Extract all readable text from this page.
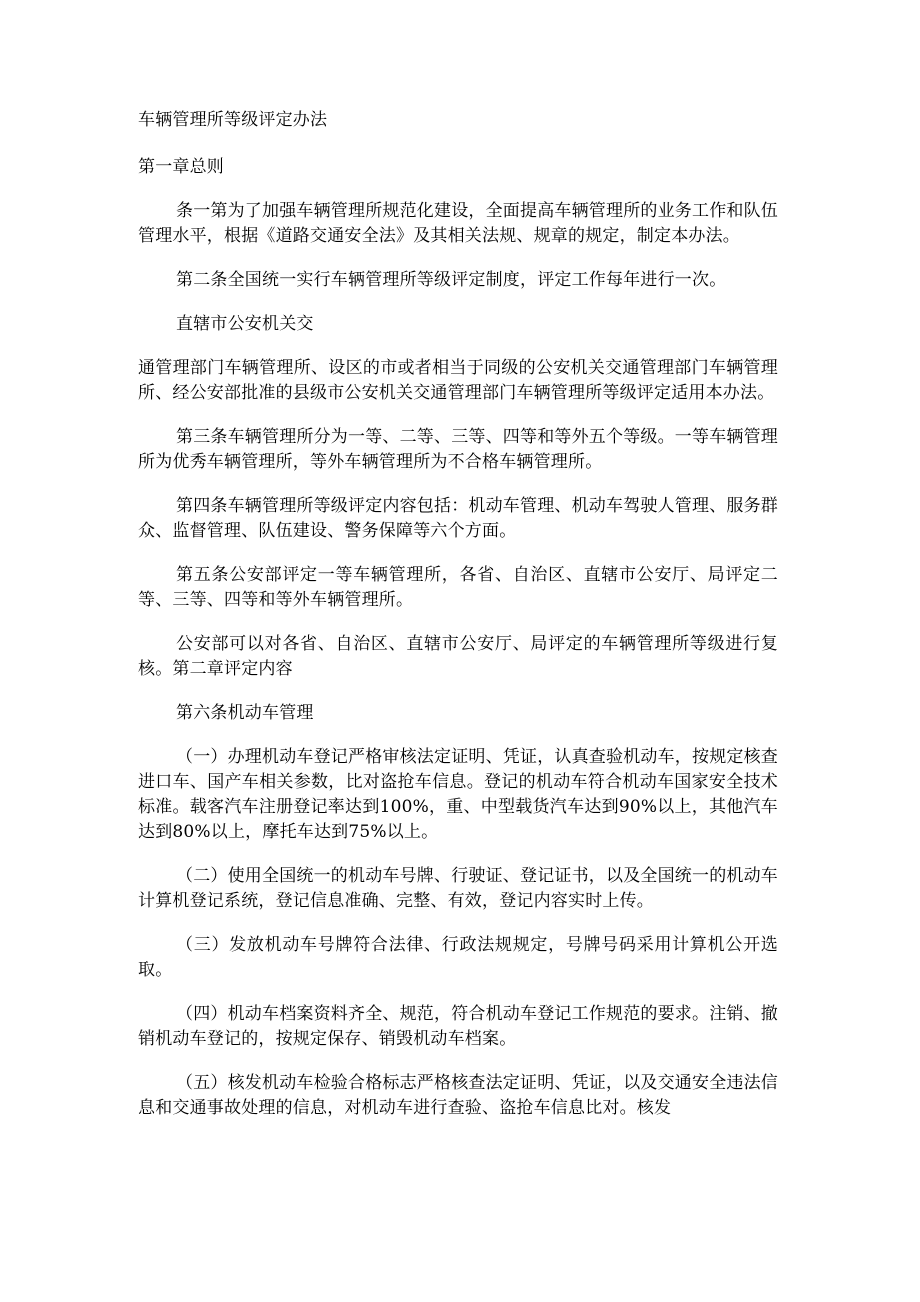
车辆管理所等级评定办法

第一章总则

条一第为了加强车辆管理所规范化建设，全面提高车辆管理所的业务工作和队伍管理水平，根据《道路交通安全法》及其相关法规、规章的规定，制定本办法。

第二条全国统一实行车辆管理所等级评定制度，评定工作每年进行一次。

直辖市公安机关交

通管理部门车辆管理所、设区的市或者相当于同级的公安机关交通管理部门车辆管理所、经公安部批准的县级市公安机关交通管理部门车辆管理所等级评定适用本办法。

第三条车辆管理所分为一等、二等、三等、四等和等外五个等级。一等车辆管理所为优秀车辆管理所，等外车辆管理所为不合格车辆管理所。

第四条车辆管理所等级评定内容包括：机动车管理、机动车驾驶人管理、服务群众、监督管理、队伍建设、警务保障等六个方面。

第五条公安部评定一等车辆管理所，各省、自治区、直辖市公安厅、局评定二等、三等、四等和等外车辆管理所。

公安部可以对各省、自治区、直辖市公安厅、局评定的车辆管理所等级进行复核。第二章评定内容

第六条机动车管理

（一）办理机动车登记严格审核法定证明、凭证，认真查验机动车，按规定核查进口车、国产车相关参数，比对盗抢车信息。登记的机动车符合机动车国家安全技术标准。载客汽车注册登记率达到100%，重、中型载货汽车达到90%以上，其他汽车达到80%以上，摩托车达到75%以上。

（二）使用全国统一的机动车号牌、行驶证、登记证书，以及全国统一的机动车计算机登记系统，登记信息准确、完整、有效，登记内容实时上传。

（三）发放机动车号牌符合法律、行政法规规定，号牌号码采用计算机公开选取。

（四）机动车档案资料齐全、规范，符合机动车登记工作规范的要求。注销、撤销机动车登记的，按规定保存、销毁机动车档案。

（五）核发机动车检验合格标志严格核查法定证明、凭证，以及交通安全违法信息和交通事故处理的信息，对机动车进行查验、盗抢车信息比对。核发
